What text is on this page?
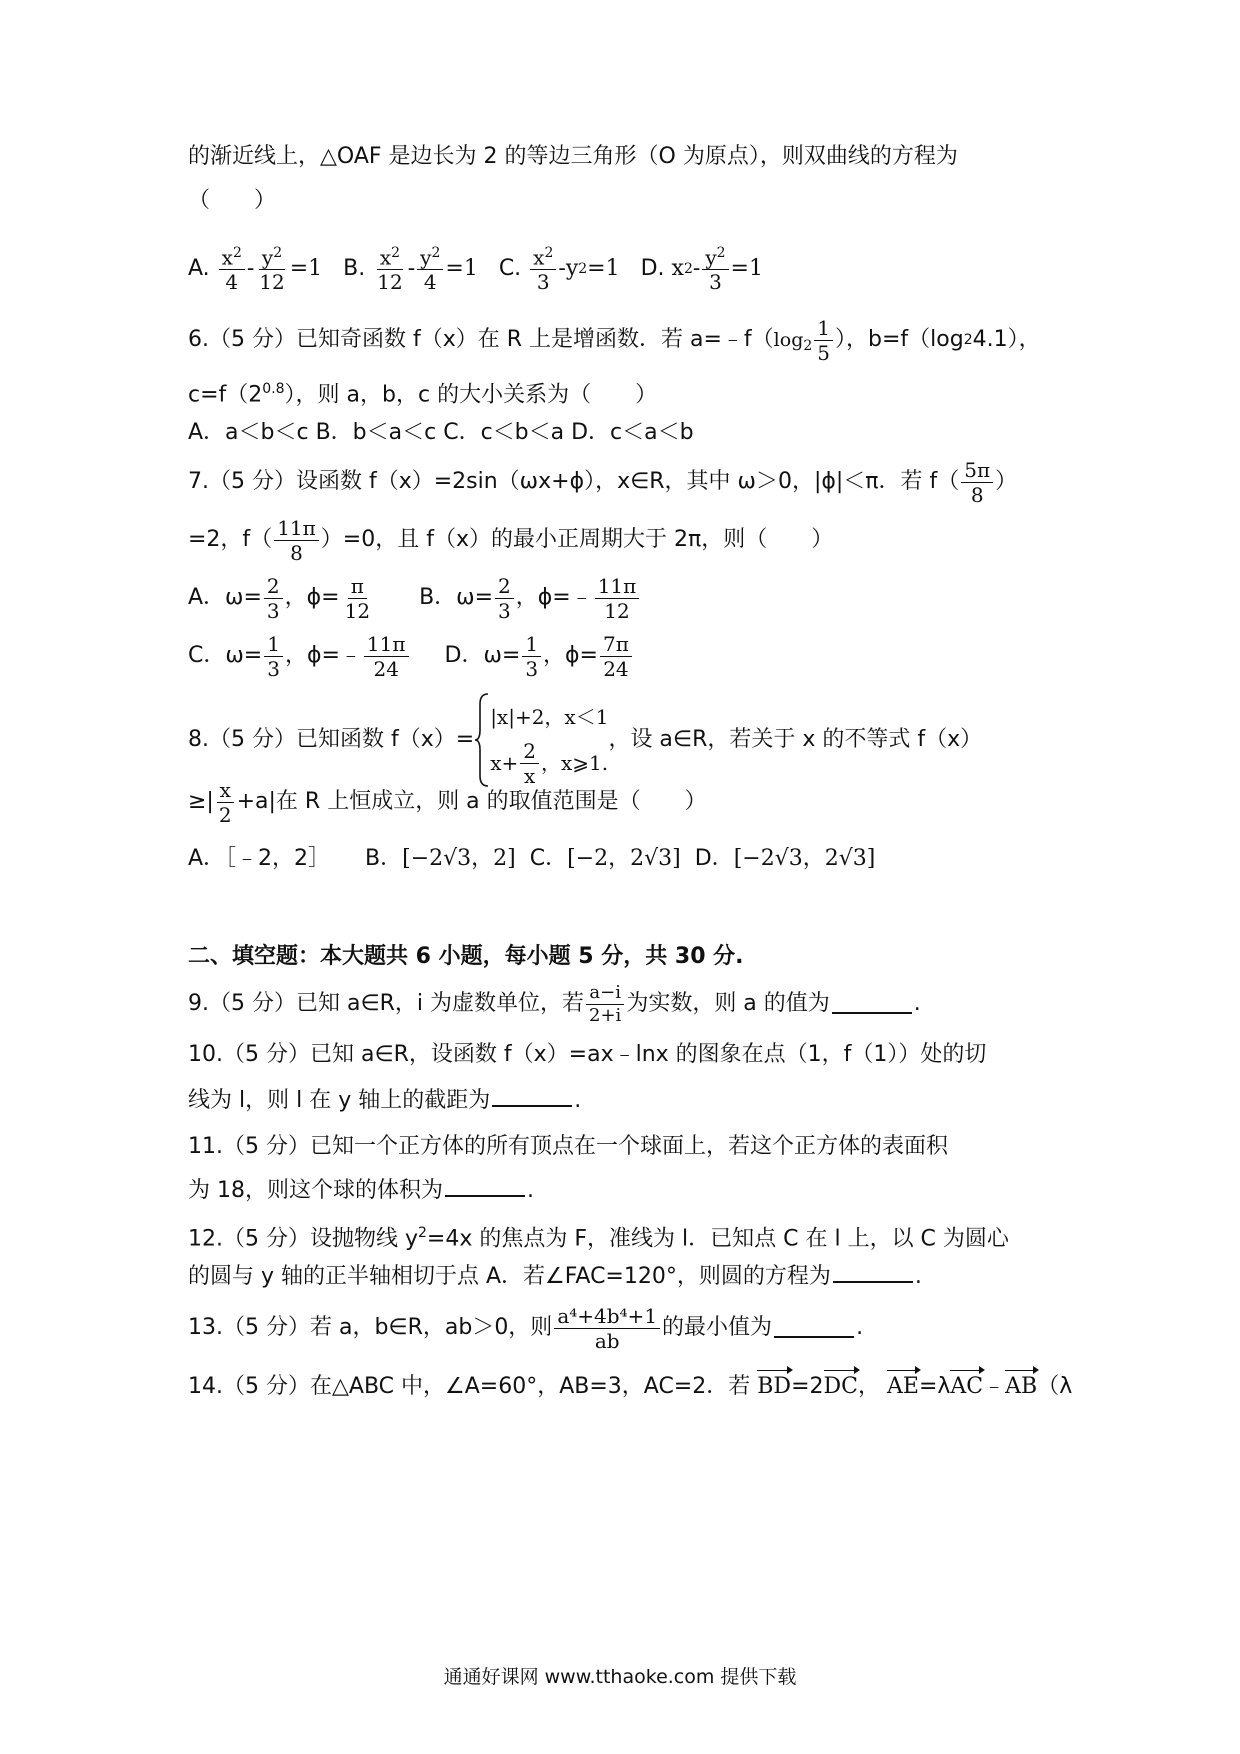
的渐近线上，△OAF 是边长为 2 的等边三角形（O 为原点），则双曲线的方程为
（　　）
A.
$\frac{x^2}{4} - \frac{y^2}{12} =1$
B.
$\frac{x^2}{12} - \frac{y^2}{4} =1$
C.
$\frac{x^2}{3}$ - y 2 =1
D.
x $2 - \frac{y^2}{3} =1$
6.（5 分）已知奇函数 f（x）在 R 上是增函数．若 a=﹣f（ $\log_2 \frac{1}{5}$ ），b=f（log 2 4.1），
$c=f(2^{0.8})$，则 a，b，c 的大小关系为（　　）
A．a＜b＜c B．b＜a＜c C．c＜b＜a D．c＜a＜b
7.（5 分）设函数 f（x）=2sin（ωx+ϕ），x∈R，其中 ω＞0，|ϕ|＜π．若 $f( \frac{5\pi}{8}$ ）
=2，$f( \frac{11\pi}{8} )=0$，且 f（x）的最小正周期大于 2π，则（　　）
A．$\omega= \frac{2}{3}$ ，$\phi= \frac{\pi}{12}$ B．$\omega= \frac{2}{3}$ ，ϕ=﹣ $\frac{11\pi}{12}$
C．$\omega= \frac{1}{3}$ ，ϕ=﹣ $\frac{11\pi}{24}$ D．$\omega= \frac{1}{3}$ ，$\phi= \frac{7\pi}{24}$
8.（5 分）已知函数 f（x）=
|x|+2，x＜1
$x+ \frac{2}{x}$ ，x⩾1.
，设 a∈R，若关于 x 的不等式 f（x）
≥| $\frac{x}{2} +a|$在 R 上恒成立，则 a 的取值范围是（　　）
A．［﹣2，2］ B．[−2√3，2] C．[−2，2√3] D．[−2√3，2√3]
二、填空题：本大题共 6 小题，每小题 5 分，共 30 分.
9.（5 分）已知 a∈R，i 为虚数单位，若 $\frac{a-i}{2+i}$ 为实数，则 a 的值为	.
10.（5 分）已知 a∈R，设函数 f（x）=ax﹣lnx 的图象在点（1，f（1））处的切
线为 l，则 l 在 y 轴上的截距为	.
11.（5 分）已知一个正方体的所有顶点在一个球面上，若这个正方体的表面积
为 18，则这个球的体积为	.
12.（5 分）设抛物线 $y^2=4x$ 的焦点为 F，准线为 l．已知点 C 在 l 上，以 C 为圆心
的圆与 y 轴的正半轴相切于点 A．若∠FAC=120°，则圆的方程为	.
13.（5 分）若 a，b∈R，ab＞0，则 $\frac{\text{a⁴+4b⁴+1}}{ab}$ 的最小值为	.
14.（5 分）在△ABC 中，∠A=60°，AB=3，AC=2．若 BD=2DC， AE=λAC﹣AB（λ
通通好课网 www.tthaoke.com 提供下载
